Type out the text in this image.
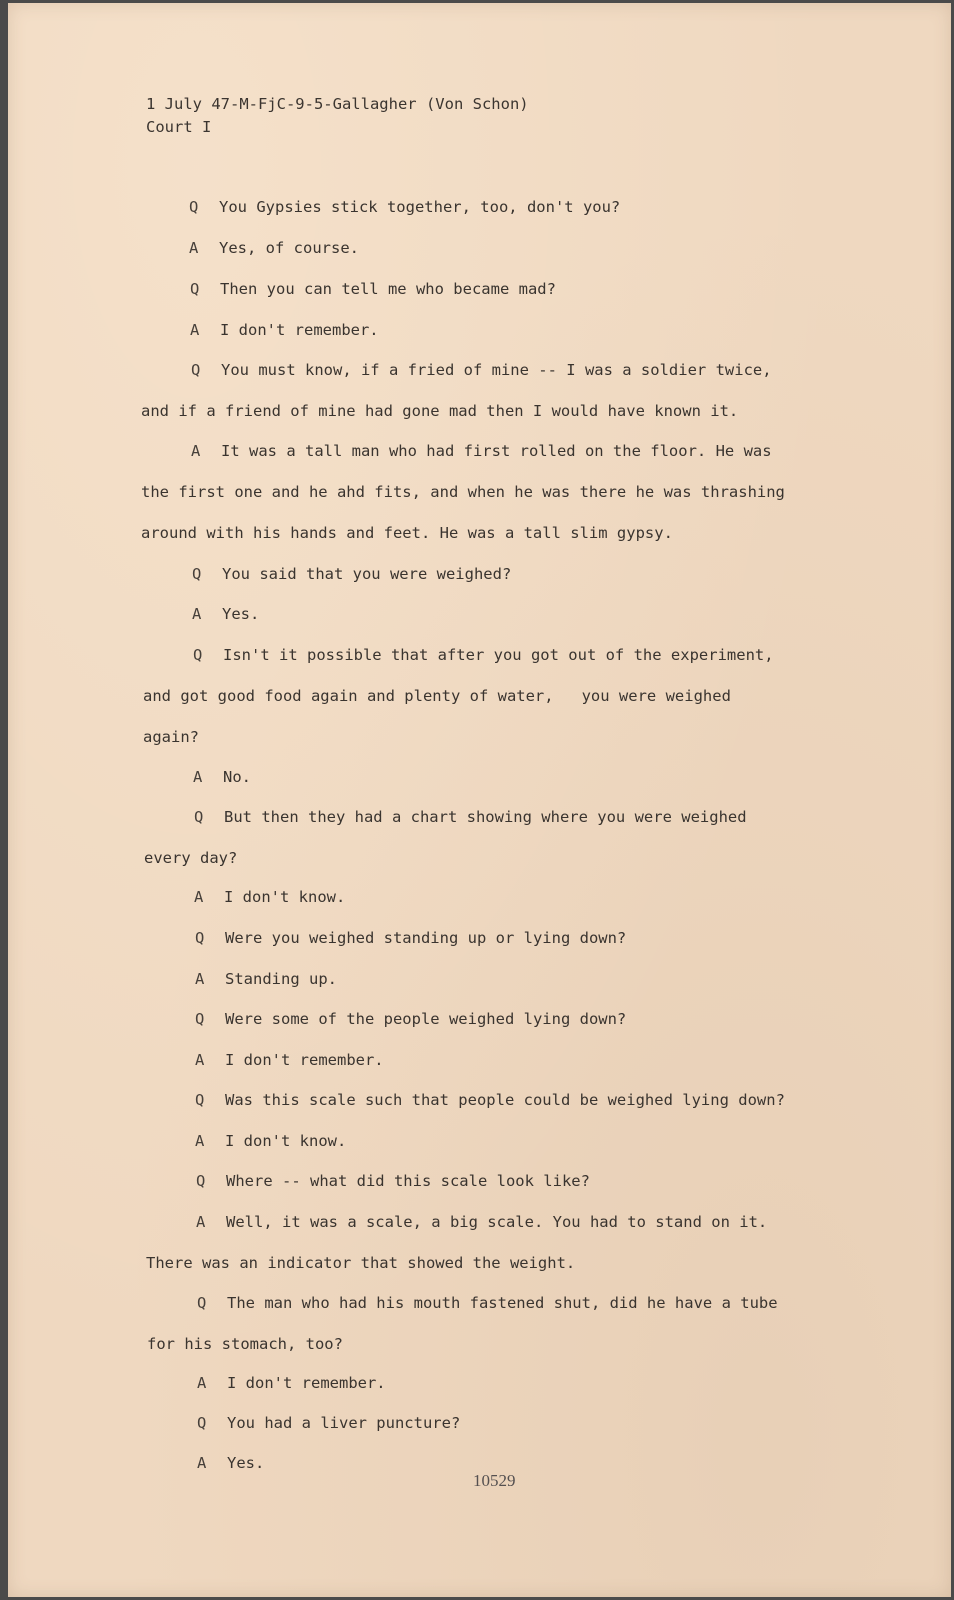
1 July 47-M-FjC-9-5-Gallagher (Von Schon)
Court I
Q You Gypsies stick together, too, don't you?
A Yes, of course.
Q Then you can tell me who became mad?
A I don't remember.
Q You must know, if a fried of mine -- I was a soldier twice,
and if a friend of mine had gone mad then I would have known it.
A It was a tall man who had first rolled on the floor. He was
the first one and he ahd fits, and when he was there he was thrashing
around with his hands and feet. He was a tall slim gypsy.
Q You said that you were weighed?
A Yes.
Q Isn't it possible that after you got out of the experiment,
and got good food again and plenty of water,   you were weighed
again?
A No.
Q But then they had a chart showing where you were weighed
every day?
A I don't know.
Q Were you weighed standing up or lying down?
A Standing up.
Q Were some of the people weighed lying down?
A I don't remember.
Q Was this scale such that people could be weighed lying down?
A I don't know.
Q Where -- what did this scale look like?
A Well, it was a scale, a big scale. You had to stand on it.
There was an indicator that showed the weight.
Q The man who had his mouth fastened shut, did he have a tube
for his stomach, too?
A I don't remember.
Q You had a liver puncture?
A Yes.
10529
